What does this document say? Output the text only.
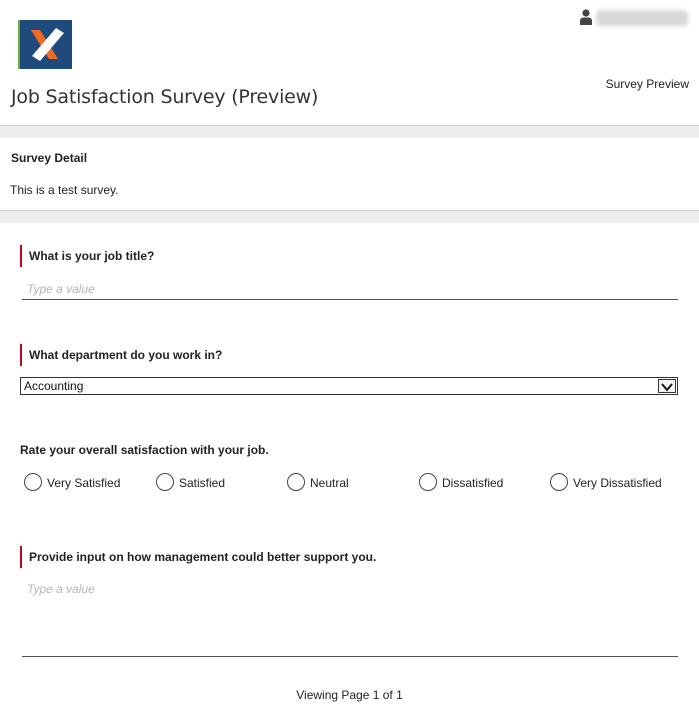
Survey Preview
Job Satisfaction Survey (Preview)
Survey Detail
This is a test survey.
What is your job title?
Type a value
What department do you work in?
Accounting
Rate your overall satisfaction with your job.
Very Satisfied	Satisfied	Neutral	Dissatisfied	Very Dissatisfied
Provide input on how management could better support you.
Type a value
Viewing Page 1 of 1
